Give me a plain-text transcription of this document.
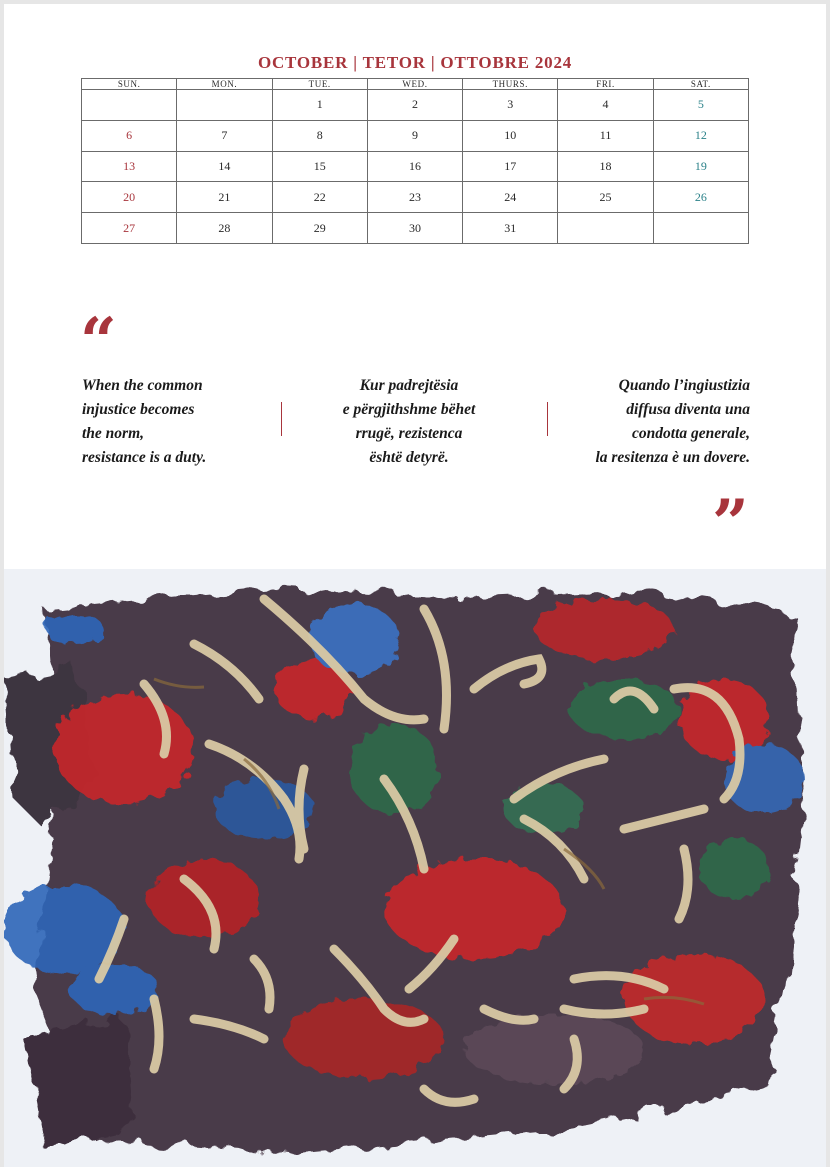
OCTOBER | TETOR | OTTOBRE 2024
SUN.	MON.	TUE.	WED.	THURS.	FRI.	SAT.
		1	2	3	4	5
6	7	8	9	10	11	12
13	14	15	16	17	18	19
20	21	22	23	24	25	26
27	28	29	30	31		
“
When the common
injustice becomes
the norm,
resistance is a duty.
Kur padrejtësia
e përgjithshme bëhet
rrugë, rezistenca
është detyrë.
Quando l’ingiustizia
diffusa diventa una
condotta generale,
la resitenza è un dovere.
”
